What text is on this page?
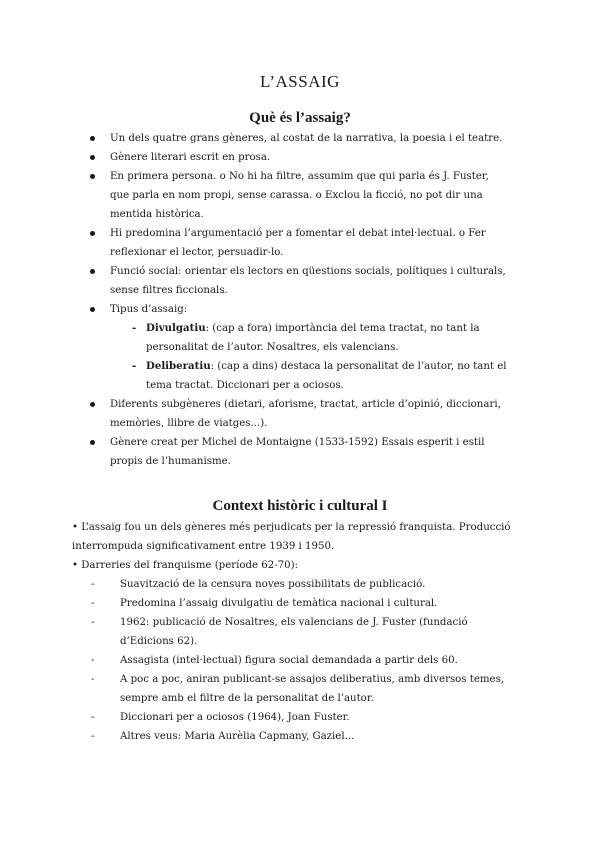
L’ASSAIG
Què és l’assaig?
Un dels quatre grans gèneres, al costat de la narrativa, la poesia i el teatre.
Gènere literari escrit en prosa.
En primera persona. o No hi ha filtre, assumim que qui parla és J. Fuster, que parla en nom propi, sense carassa. o Exclou la ficció, no pot dir una mentida històrica.
Hi predomina l’argumentació per a fomentar el debat intel·lectual. o Fer reflexionar el lector, persuadir-lo.
Funció social: orientar els lectors en qüestions socials, polítiques i culturals, sense filtres ficcionals.
Tipus d’assaig:
- Divulgatiu: (cap a fora) importància del tema tractat, no tant la personalitat de l’autor. Nosaltres, els valencians.
- Deliberatiu: (cap a dins) destaca la personalitat de l’autor, no tant el tema tractat. Diccionari per a ociosos.
Diferents subgèneres (dietari, aforisme, tractat, article d’opinió, diccionari, memòries, llibre de viatges...).
Gènere creat per Michel de Montaigne (1533-1592) Essais esperit i estil propis de l’humanisme.
Context històric i cultural I
• L’assaig fou un dels gèneres més perjudicats per la repressió franquista. Producció interrompuda significativament entre 1939 i 1950.
• Darreries del franquisme (període 62-70):
-	Suavització de la censura noves possibilitats de publicació.
-	Predomina l’assaig divulgatiu de temàtica nacional i cultural.
-	1962: publicació de Nosaltres, els valencians de J. Fuster (fundació d’Edicions 62).
-	Assagista (intel·lectual) figura social demandada a partir dels 60.
-	A poc a poc, aniran publicant-se assajos deliberatius, amb diversos temes, sempre amb el filtre de la personalitat de l’autor.
-	Diccionari per a ociosos (1964), Joan Fuster.
-	Altres veus: Maria Aurèlia Capmany, Gaziel...
